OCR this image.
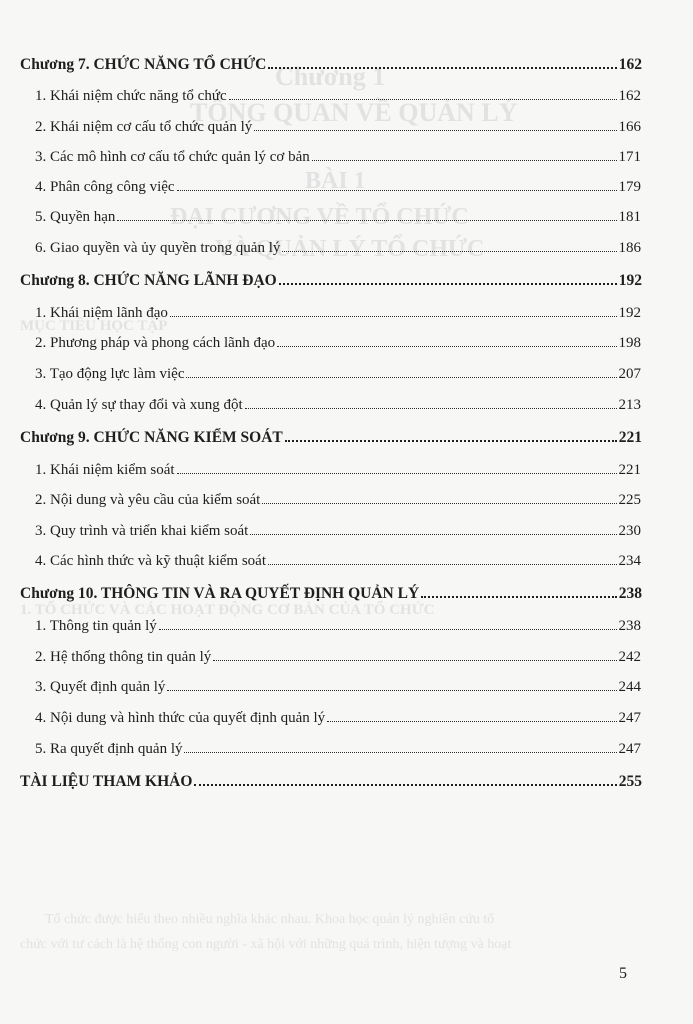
Chương 1
TỔNG QUAN VỀ QUẢN LÝ
BÀI 1
ĐẠI CƯƠNG VỀ TỔ CHỨC
VÀ QUẢN LÝ TỔ CHỨC
MỤC TIÊU HỌC TẬP
1. TỔ CHỨC VÀ CÁC HOẠT ĐỘNG CƠ BẢN CỦA TỔ CHỨC
Tổ chức được hiểu theo nhiều nghĩa khác nhau. Khoa học quản lý nghiên cứu tổ
chức với tư cách là hệ thống con người - xã hội với những quá trình, hiện tượng và hoạt
Chương 7. CHỨC NĂNG TỔ CHỨC	162
1. Khái niệm chức năng tổ chức	162
2. Khái niệm cơ cấu tổ chức quản lý	166
3. Các mô hình cơ cấu tổ chức quản lý cơ bản	171
4. Phân công công việc	179
5. Quyền hạn	181
6. Giao quyền và ủy quyền trong quản lý	186
Chương 8. CHỨC NĂNG LÃNH ĐẠO	192
1. Khái niệm lãnh đạo	192
2. Phương pháp và phong cách lãnh đạo	198
3. Tạo động lực làm việc	207
4. Quản lý sự thay đổi và xung đột	213
Chương 9. CHỨC NĂNG KIỂM SOÁT	221
1. Khái niệm kiểm soát	221
2. Nội dung và yêu cầu của kiểm soát	225
3. Quy trình và triển khai kiểm soát	230
4. Các hình thức và kỹ thuật kiểm soát	234
Chương 10. THÔNG TIN VÀ RA QUYẾT ĐỊNH QUẢN LÝ	238
1. Thông tin quản lý	238
2. Hệ thống thông tin quản lý	242
3. Quyết định quản lý	244
4. Nội dung và hình thức của quyết định quản lý	247
5. Ra quyết định quản lý	247
TÀI LIỆU THAM KHẢO	255
5
